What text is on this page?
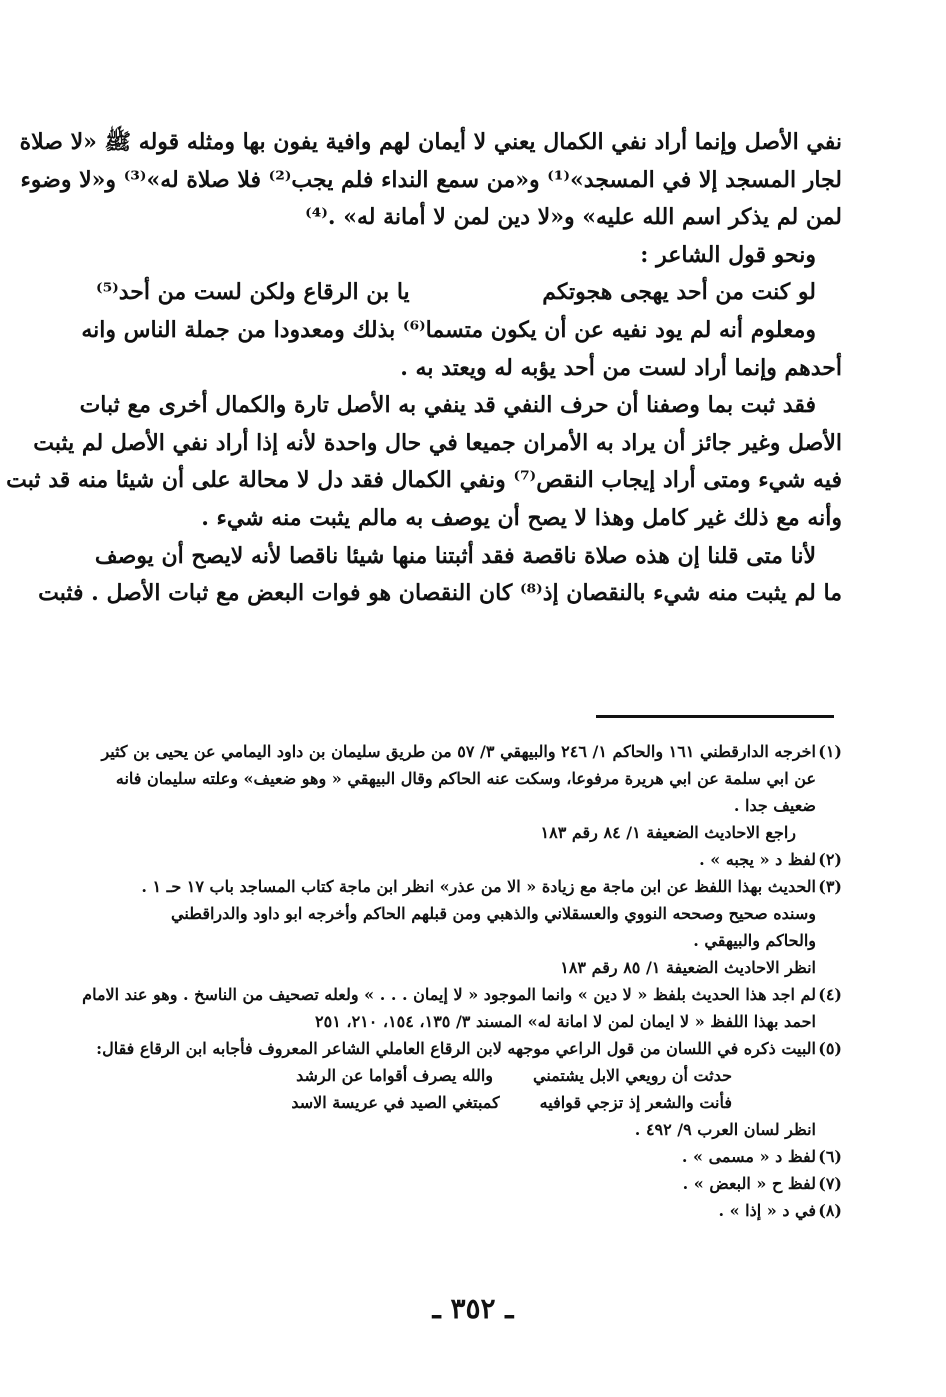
نفي الأصل وإنما أراد نفي الكمال يعني لا أيمان لهم وافية يفون بها ومثله قوله ﷺ «لا صلاة
لجار المسجد إلا في المسجد»⁽¹⁾ و«من سمع النداء فلم يجب⁽²⁾ فلا صلاة له»⁽³⁾ و«لا وضوء
لمن لم يذكر اسم الله عليه» و«لا دين لمن لا أمانة له» .⁽⁴⁾
ونحو قول الشاعر :
لو كنت من أحد يهجى هجوتكم
يا بن الرقاع ولكن لست من أحد⁽⁵⁾
ومعلوم أنه لم يود نفيه عن أن يكون متسما⁽⁶⁾ بذلك ومعدودا من جملة الناس وانه
أحدهم وإنما أراد لست من أحد يؤبه له ويعتد به .
فقد ثبت بما وصفنا أن حرف النفي قد ينفي به الأصل تارة والكمال أخرى مع ثبات
الأصل وغير جائز أن يراد به الأمران جميعا في حال واحدة لأنه إذا أراد نفي الأصل لم يثبت
فيه شيء ومتى أراد إيجاب النقص⁽⁷⁾ ونفي الكمال فقد دل لا محالة على أن شيئا منه قد ثبت
وأنه مع ذلك غير كامل وهذا لا يصح أن يوصف به مالم يثبت منه شيء .
لأنا متى قلنا إن هذه صلاة ناقصة فقد أثبتنا منها شيئا ناقصا لأنه لايصح أن يوصف
ما لم يثبت منه شيء بالنقصان إذ⁽⁸⁾ كان النقصان هو فوات البعض مع ثبات الأصل . فثبت
(١)اخرجه الدارقطني ١٦١ والحاكم ١/ ٢٤٦ والبيهقي ٣/ ٥٧ من طريق سليمان بن داود اليمامي عن يحيى بن كثير
عن ابي سلمة عن ابي هريرة مرفوعا، وسكت عنه الحاكم وقال البيهقي « وهو ضعيف» وعلته سليمان فانه
ضعيف جدا .
راجع الاحاديث الضعيفة ١/ ٨٤ رقم ١٨٣
(٢)لفظ د « يجبه » .
(٣)الحديث بهذا اللفظ عن ابن ماجة مع زيادة « الا من عذر» انظر ابن ماجة كتاب المساجد باب ١٧ حـ ١ .
وسنده صحيح وصححه النووي والعسقلاني والذهبي ومن قبلهم الحاكم وأخرجه ابو داود والدراقطني
والحاكم والبيهقي .
انظر الاحاديث الضعيفة ١/ ٨٥ رقم ١٨٣
(٤)لم اجد هذا الحديث بلفظ « لا دين » وانما الموجود « لا إيمان . . . » ولعله تصحيف من الناسخ . وهو عند الامام
احمد بهذا اللفظ « لا ايمان لمن لا امانة له» المسند ٣/ ١٣٥، ١٥٤، ٢١٠، ٢٥١
(٥)البيت ذكره في اللسان من قول الراعي موجهه لابن الرقاع العاملي الشاعر المعروف فأجابه ابن الرقاع فقال:
حدثت أن رويعي الابل يشتمني
والله يصرف أقواما عن الرشد
فأنت والشعر إذ تزجي قوافيه
كمبتغي الصيد في عريسة الاسد
انظر لسان العرب ٩/ ٤٩٢ .
(٦)لفظ د « مسمى » .
(٧)لفظ ح « البعض » .
(٨)في د « إذا » .
ـ ٣٥٢ ـ
